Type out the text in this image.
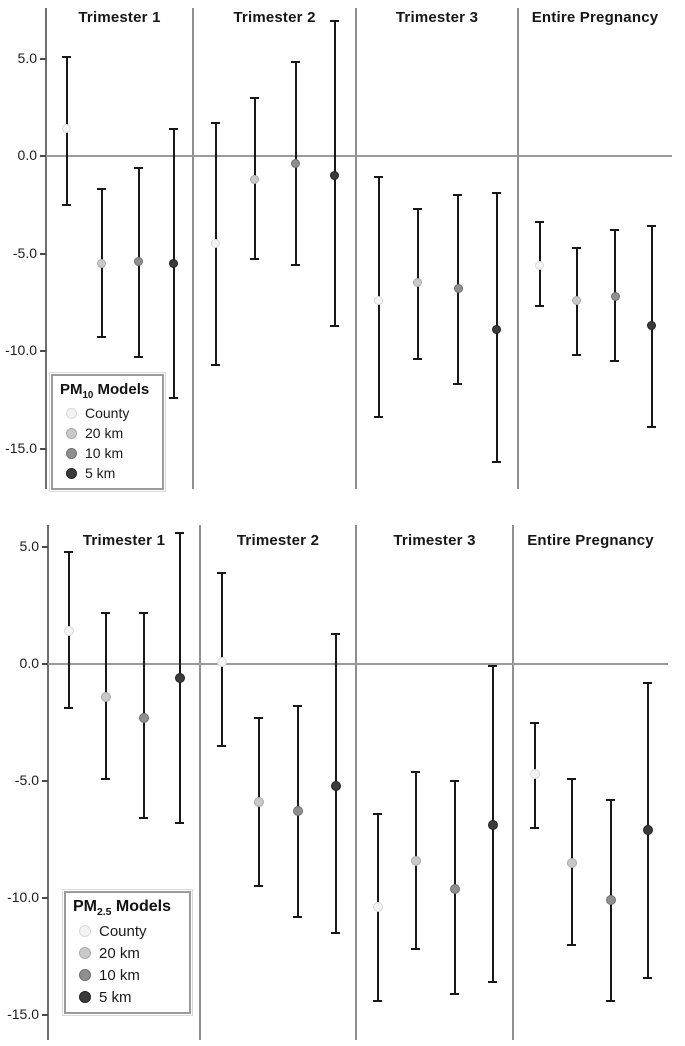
5.0
0.0
-5.0
-10.0
-15.0
Trimester 1	Trimester 2	Trimester 3	Entire Pregnancy
$PM_{10}$ Models
County
20 km
10 km
5 km
5.0
0.0
-5.0
-10.0
-15.0
Trimester 1	Trimester 2	Trimester 3	Entire Pregnancy
$PM_{2.5}$ Models
County
20 km
10 km
5 km
